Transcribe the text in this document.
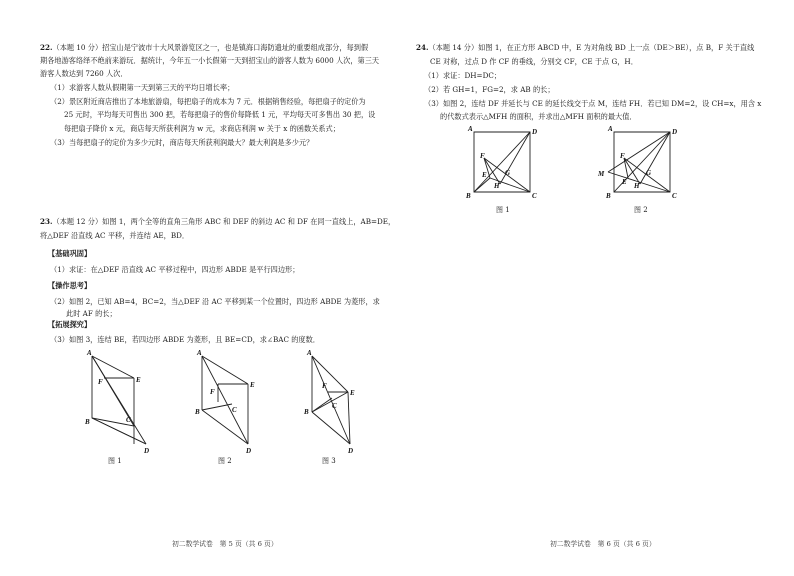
22.（本题 10 分）招宝山是宁波市十大风景游览区之一，也是镇海口海防遗址的重要组成部分，每到假
期各地游客络绎不绝前来游玩．据统计，今年五一小长假第一天到招宝山的游客人数为 6000 人次，第三天
游客人数达到 7260 人次．
（1）求游客人数从假期第一天到第三天的平均日增长率；
（2）景区附近商店推出了本地旅游扇，每把扇子的成本为 7 元．根据销售经验，每把扇子的定价为
25 元时，平均每天可售出 300 把，若每把扇子的售价每降低 1 元，平均每天可多售出 30 把，设
每把扇子降价 x 元，商店每天所获利润为 w 元，求商店利润 w 关于 x 的函数关系式；
（3）当每把扇子的定价为多少元时，商店每天所获利润最大？最大利润是多少元？
23.（本题 12 分）如图 1，两个全等的直角三角形 ABC 和 DEF 的斜边 AC 和 DF 在同一直线上，AB=DE，
将△DEF 沿直线 AC 平移，并连结 AE，BD．
【基础巩固】
（1）求证：在△DEF 沿直线 AC 平移过程中，四边形 ABDE 是平行四边形；
【操作思考】
（2）如图 2，已知 AB=4，BC=2，当△DEF 沿 AC 平移到某一个位置时，四边形 ABDE 为菱形，求
此时 AF 的长；
【拓展探究】
（3）如图 3，连结 BE，若四边形 ABDE 为菱形，且 BE=CD，求∠BAC 的度数．
A
F	E
B	C
D
图 1
A
F
E
B	C
D
图 2
A
F
E
B
C
D
图 3
初二数学试卷　第 5 页（共 6 页）
24.（本题 14 分）如图 1，在正方形 ABCD 中，E 为对角线 BD 上一点（DE＞BE），点 B，F 关于直线
CE 对称，过点 D 作 CF 的垂线，分别交 CF，CE 于点 G，H．
（1）求证：DH=DC；
（2）若 GH=1，FG=2，求 AB 的长；
（3）如图 2，连结 DF 并延长与 CE 的延长线交于点 M，连结 FH．若已知 DM=2，设 CH=x，用含 x
的代数式表示△MFH 的面积，并求出△MFH 面积的最大值．
A	D
F
E	G
H
B	C
图 1
A	D
F
M
E
G
H
B	C
图 2
初二数学试卷　第 6 页（共 6 页）
